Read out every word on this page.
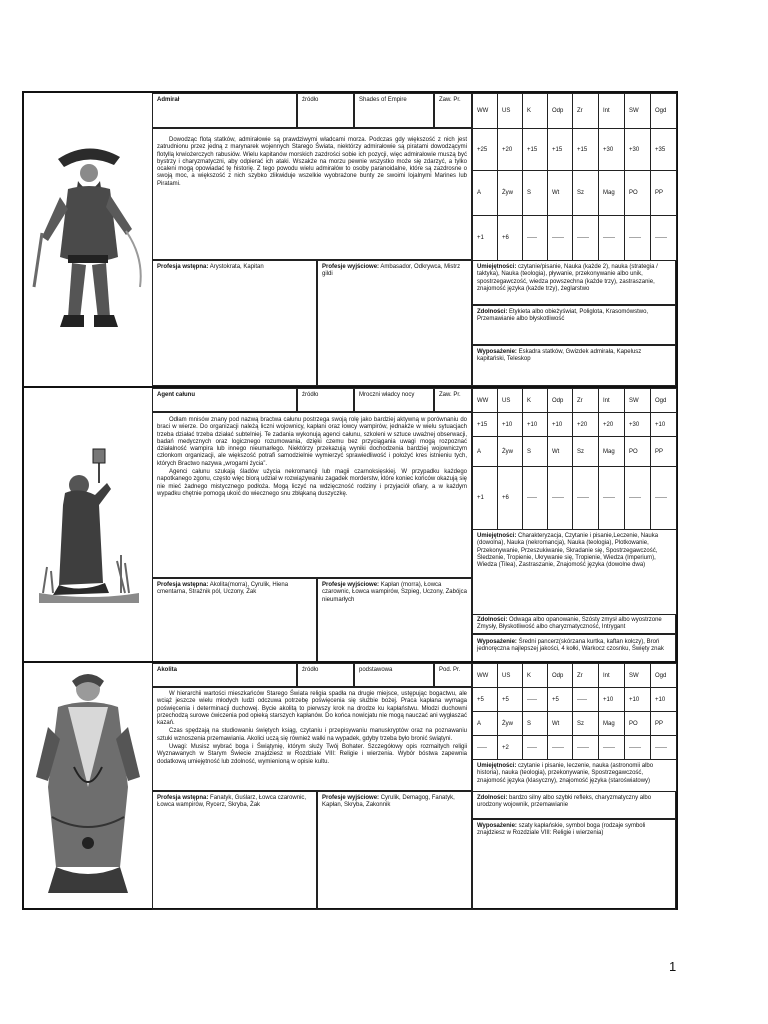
Admirał	źródło	Shades of Empire	Zaw. Pr.
WW	US	K	Odp	Zr	Int	SW	Ogd
+25	+20	+15	+15	+15	+30	+30	+35
A	Żyw	S	Wt	Sz	Mag	PO	PP
+1	+6	-----	------	------	------	------	------

Dowodząc flotą statków, admirałowie są prawdziwymi władcami morza. Podczas gdy większość z nich jest zatrudnionu przez jedną z marynarek wojennych Starego Świata, niektórzy admirałowie są piratami dowodzącymi flotyllą krwiożerczych rabusiów. Wielu kapitanów morskich zazdrości sobie ich pozycji, więc admirałowie muszą być bystrzy i charyzmatyczni, aby odpierać ich ataki. Wszakże na morzu pewnie wszystko może się zdarzyć, a tylko ocaleni mogą opowiadać tę historię. Z tego powodu wielu admirałów to osoby paranoidalne, które są zazdrosne o swoją moc, a większość z nich szybko zlikwiduje wszelkie wyobrażone bunty ze swoimi lojalnymi Marines lub Piratami.

Profesja wstępna: Arystokrata, Kapitan	Profesje wyjściowe: Ambasador, Odkrywca, Mistrz gildi
Umiejętności: czytanie/pisanie, Nauka (każde 2), nauka (strategia / taktyka), Nauka (teologia), pływanie, przekonywanie albo unik, spostrzegawczość, wiedza powszechna (każde trzy), zastraszanie, znajomość języka (każde trzy), żeglarstwo
Zdolności: Etykieta albo obieżyświat, Poliglota, Krasomówstwo, Przemawianie albo błyskotliwość
Wyposażenie: Eskadra statków, Gwizdek admirała, Kapelusz kapitański, Teleskop
Agent całunu	źródło	Mroczni władcy nocy	Zaw. Pr.
WW	US	K	Odp	Zr	Int	SW	Ogd
+15	+10	+10	+10	+20	+20	+30	+10
A	Żyw	S	Wt	Sz	Mag	PO	PP
+1	+6	-----	------	------	------	------	------
Umiejętności: Charakteryzacja, Czytanie i pisanie,Leczenie, Nauka (dowolna), Nauka (nekromancja), Nauka (teologia), Plotkowanie, Przekonywanie, Przeszukiwanie, Skradanie się, Spostrzegawczość, Śledzenie, Tropienie, Ukrywanie się, Tropienie, Wiedza (Imperium), Wiedza (Tilea), Zastraszanie, Znajomość języka (dowolne dwa)							

Odłam mnisów znany pod nazwą bractwa całunu postrzega swoją rolę jako bardziej aktywną w porównaniu do braci w wierze. Do organizacji należą liczni wojownicy, kapłani oraz łowcy wampirów, jednakże w wielu sytuacjach trzeba działać trzeba działać subtelniej. Te zadania wykonują agenci całunu, szkoleni w sztuce uważnej obserwacji, badań medycznych oraz logicznego rozumowania, dzięki czemu bez przyciągania uwagi mogą rozpoznać działalność wampira lub innego nieumarłego. Niektórzy przekazują wyniki dochodzenia bardziej wojowniczym członkom organizacji, ale większość potrafi samodzielnie wymierzyć sprawiedliwość i położyć kres istnieniu tych, których Bractwo nazywa „wrogami życia”.

Agenci całunu szukają śladów użycia nekromancji lub magii czarnoksięskiej. W przypadku każdego napotkanego zgonu, często więc biorą udział w rozwiązywaniu zagadek morderstw, które koniec końców okazują się nie mieć żadnego mistycznego podłoża. Mogą liczyć na wdzięczność rodziny i przyjaciół ofiary, a w każdym wypadku chętnie pomogą ukoić do wiecznego snu zbłąkaną duszyczkę.

Profesja wstępna: Akolita(morra), Cyrulik, Hiena cmentarna, Strażnik pól, Uczony, Żak
Profesje wyjściowe: Kapłan (morra), Łowca czarownic, Łowca wampirów, Szpieg, Uczony, Zabójca nieumarłych
Zdolności: Odwaga albo opanowanie, Szósty zmysł albo wyostrzone Zmysły, Błyskotliwość albo charyzmatyczność, Intrygant
Wyposażenie: Średni pancerz(skórzana kurtka, kaftan kolczy), Broń jednoręczna najlepszej jakości, 4 kołki, Warkocz czosnku, Święty znak
Akolita	źródło	podstawowa	Pod. Pr.
WW	US	K	Odp	Zr	Int	SW	Ogd
+5	+5	-----	+5	-----	+10	+10	+10
A	Żyw	S	Wt	Sz	Mag	PO	PP
-----	+2	-----	------	------	------	------	------
Umiejętności: czytanie i pisanie, leczenie, nauka (astronomii albo historia), nauka (teologia), przekonywanie, Spostrzegawczość, znajomość języka (klasyczny), znajomość języka (staroświatowy)							

W hierarchii wartości mieszkańców Starego Świata religia spadła na drugie miejsce, ustępując bogactwu, ale wciąż jeszcze wielu młodych ludzi odczuwa potrzebę poświęcenia się służbie bożej. Praca kapłana wymaga poświęcenia i determinacji duchowej. Bycie akolitą to pierwszy krok na drodze ku kapłaństwu. Młodzi duchowni przechodzą surowe ćwiczenia pod opieką starszych kapłanów. Do końca nowicjatu nie mogą nauczać ani wygłaszać kazań.

Czas spędzają na studiowaniu świętych ksiąg, czytaniu i przepisywaniu manuskryptów oraz na poznawaniu sztuki wznoszenia przemawiania. Akolici uczą się również walki na wypadek, gdyby trzeba było bronić świątyni.

Uwagi: Musisz wybrać boga i Świątynię, którym służy Twój Bohater. Szczegółowy opis rozmaitych religii Wyznawanych w Starym Świecie znajdziesz w Rozdziale VIII: Religie i wierzenia. Wybór bóstwa zapewnia dodatkową umiejętność lub zdolność, wymienioną w opisie kultu.

Profesja wstępna: Fanatyk, Guślarz, Łowca czarownic, Łowca wampirów, Rycerz, Skryba, Żak
Profesje wyjściowe: Cyrulik, Demagog, Fanatyk, Kapłan, Skryba, Zakonnik
Zdolności: bardzo silny albo szybki refleks, charyzmatyczny albo urodzony wojownik, przemawianie
Wyposażenie: szaty kapłańskie, symbol boga (rodzaje symboli znajdziesz w Rozdziale VIII: Religie i wierzenia)
1
